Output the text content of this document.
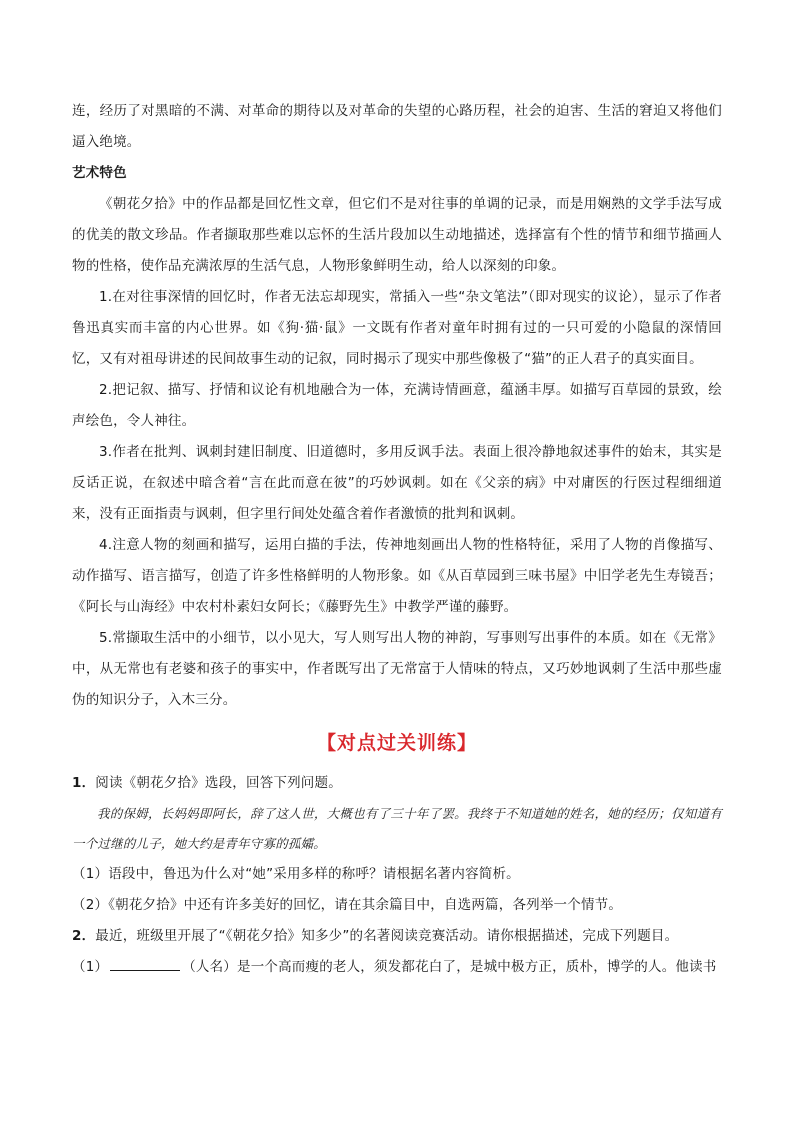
连，经历了对黑暗的不满、对革命的期待以及对革命的失望的心路历程，社会的迫害、生活的窘迫又将他们逼入绝境。

艺术特色

《朝花夕拾》中的作品都是回忆性文章，但它们不是对往事的单调的记录，而是用娴熟的文学手法写成的优美的散文珍品。作者撷取那些难以忘怀的生活片段加以生动地描述，选择富有个性的情节和细节描画人物的性格，使作品充满浓厚的生活气息，人物形象鲜明生动，给人以深刻的印象。

1.在对往事深情的回忆时，作者无法忘却现实，常插入一些“杂文笔法”（即对现实的议论），显示了作者鲁迅真实而丰富的内心世界。如《狗·猫·鼠》一文既有作者对童年时拥有过的一只可爱的小隐鼠的深情回忆，又有对祖母讲述的民间故事生动的记叙，同时揭示了现实中那些像极了“猫”的正人君子的真实面目。

2.把记叙、描写、抒情和议论有机地融合为一体，充满诗情画意，蕴涵丰厚。如描写百草园的景致，绘声绘色，令人神往。

3.作者在批判、讽刺封建旧制度、旧道德时，多用反讽手法。表面上很冷静地叙述事件的始末，其实是反话正说，在叙述中暗含着“言在此而意在彼”的巧妙讽刺。如在《父亲的病》中对庸医的行医过程细细道来，没有正面指责与讽刺，但字里行间处处蕴含着作者激愤的批判和讽刺。

4.注意人物的刻画和描写，运用白描的手法，传神地刻画出人物的性格特征，采用了人物的肖像描写、动作描写、语言描写，创造了许多性格鲜明的人物形象。如《从百草园到三味书屋》中旧学老先生寿镜吾；《阿长与山海经》中农村朴素妇女阿长；《藤野先生》中教学严谨的藤野。

5.常撷取生活中的小细节，以小见大，写人则写出人物的神韵，写事则写出事件的本质。如在《无常》中，从无常也有老婆和孩子的事实中，作者既写出了无常富于人情味的特点，又巧妙地讽刺了生活中那些虚伪的知识分子，入木三分。

【对点过关训练】

1．阅读《朝花夕拾》选段，回答下列问题。

我的保姆，长妈妈即阿长，辞了这人世，大概也有了三十年了罢。我终于不知道她的姓名，她的经历；仅知道有一个过继的儿子，她大约是青年守寡的孤孀。

（1）语段中，鲁迅为什么对“她”采用多样的称呼？请根据名著内容简析。

（2）《朝花夕拾》中还有许多美好的回忆，请在其余篇目中，自选两篇，各列举一个情节。

2．最近，班级里开展了“《朝花夕拾》知多少”的名著阅读竞赛活动。请你根据描述，完成下列题目。

（1）	（人名）是一个高而瘦的老人，须发都花白了，是城中极方正，质朴，博学的人。他读书
